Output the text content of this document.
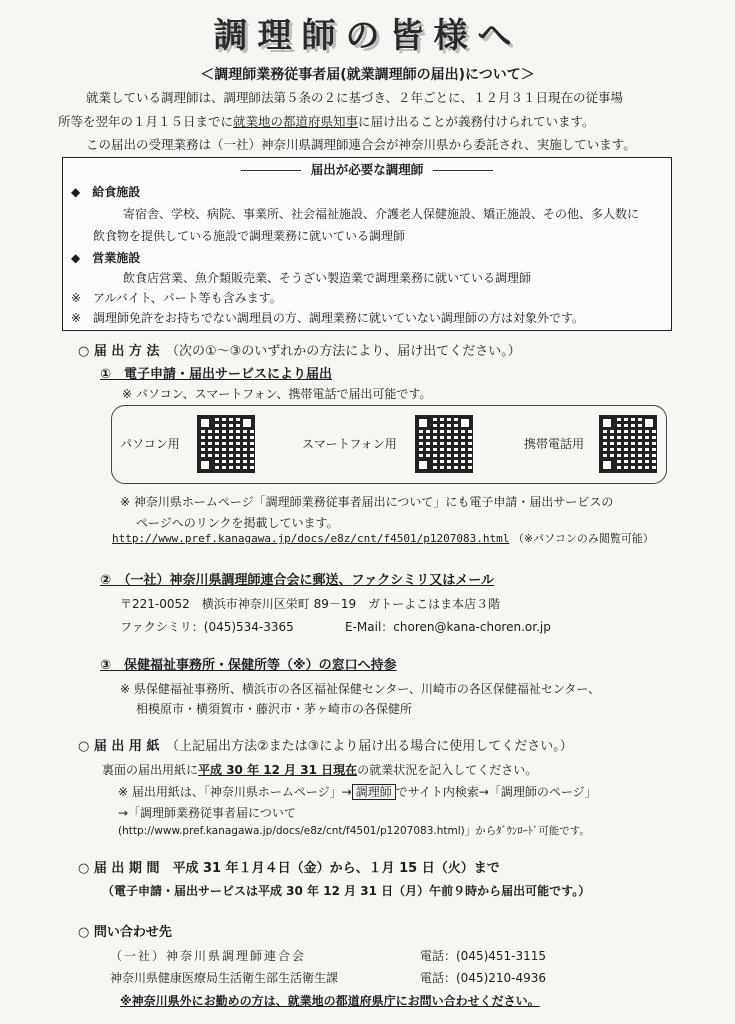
調理師の皆様へ
＜調理師業務従事者届(就業調理師の届出)について＞
就業している調理師は、調理師法第５条の２に基づき、２年ごとに、１２月３１日現在の従事場
所等を翌年の１月１５日までに就業地の都道府県知事に届け出ることが義務付けられています。
この届出の受理業務は（一社）神奈川県調理師連合会が神奈川県から委託され、実施しています。
届出が必要な調理師
◆　給食施設
寄宿舎、学校、病院、事業所、社会福祉施設、介護老人保健施設、矯正施設、その他、多人数に
飲食物を提供している施設で調理業務に就いている調理師
◆　営業施設
飲食店営業、魚介類販売業、そうざい製造業で調理業務に就いている調理師
※　アルバイト、パート等も含みます。
※　調理師免許をお持ちでない調理員の方、調理業務に就いていない調理師の方は対象外です。
○ 届 出 方 法　 （次の①～③のいずれかの方法により、届け出てください。）
①　電子申請・届出サービスにより届出
※ パソコン、スマートフォン、携帯電話で届出可能です。
パソコン用	スマートフォン用	携帯電話用
※ 神奈川県ホームページ「調理師業務従事者届出について」にも電子申請・届出サービスの
ページへのリンクを掲載しています。
http://www.pref.kanagawa.jp/docs/e8z/cnt/f4501/p1207083.html （※パソコンのみ閲覧可能）
②　（一社）神奈川県調理師連合会に郵送、ファクシミリ又はメール
〒221-0052　横浜市神奈川区栄町 89－19　ガトーよこはま本店３階
ファクシミリ：(045)534-3365	E-Mail：choren@kana-choren.or.jp
③　保健福祉事務所・保健所等（※）の窓口へ持参
※ 県保健福祉事務所、横浜市の各区福祉保健センター、川崎市の各区保健福祉センター、
相模原市・横須賀市・藤沢市・茅ヶ崎市の各保健所
○ 届 出 用 紙　 （上記届出方法②または③により届け出る場合に使用してください。）
裏面の届出用紙に平成 30 年 12 月 31 日現在の就業状況を記入してください。
※ 届出用紙は、「神奈川県ホームページ」→ 調理師 でサイト内検索→「調理師のページ」
→「調理師業務従事者届について
(http://www.pref.kanagawa.jp/docs/e8z/cnt/f4501/p1207083.html)」からﾀﾞｳﾝﾛｰﾄﾞ可能です。
○ 届 出 期 間　 平成 31 年１月４日（金）から、１月 15 日（火）まで
（電子申請・届出サービスは平成 30 年 12 月 31 日（月）午前９時から届出可能です。）
○ 問い合わせ先
（一社）神奈川県調理師連合会	電話：(045)451-3115
神奈川県健康医療局生活衛生部生活衛生課	電話：(045)210-4936
※神奈川県外にお勤めの方は、就業地の都道府県庁にお問い合わせください。
